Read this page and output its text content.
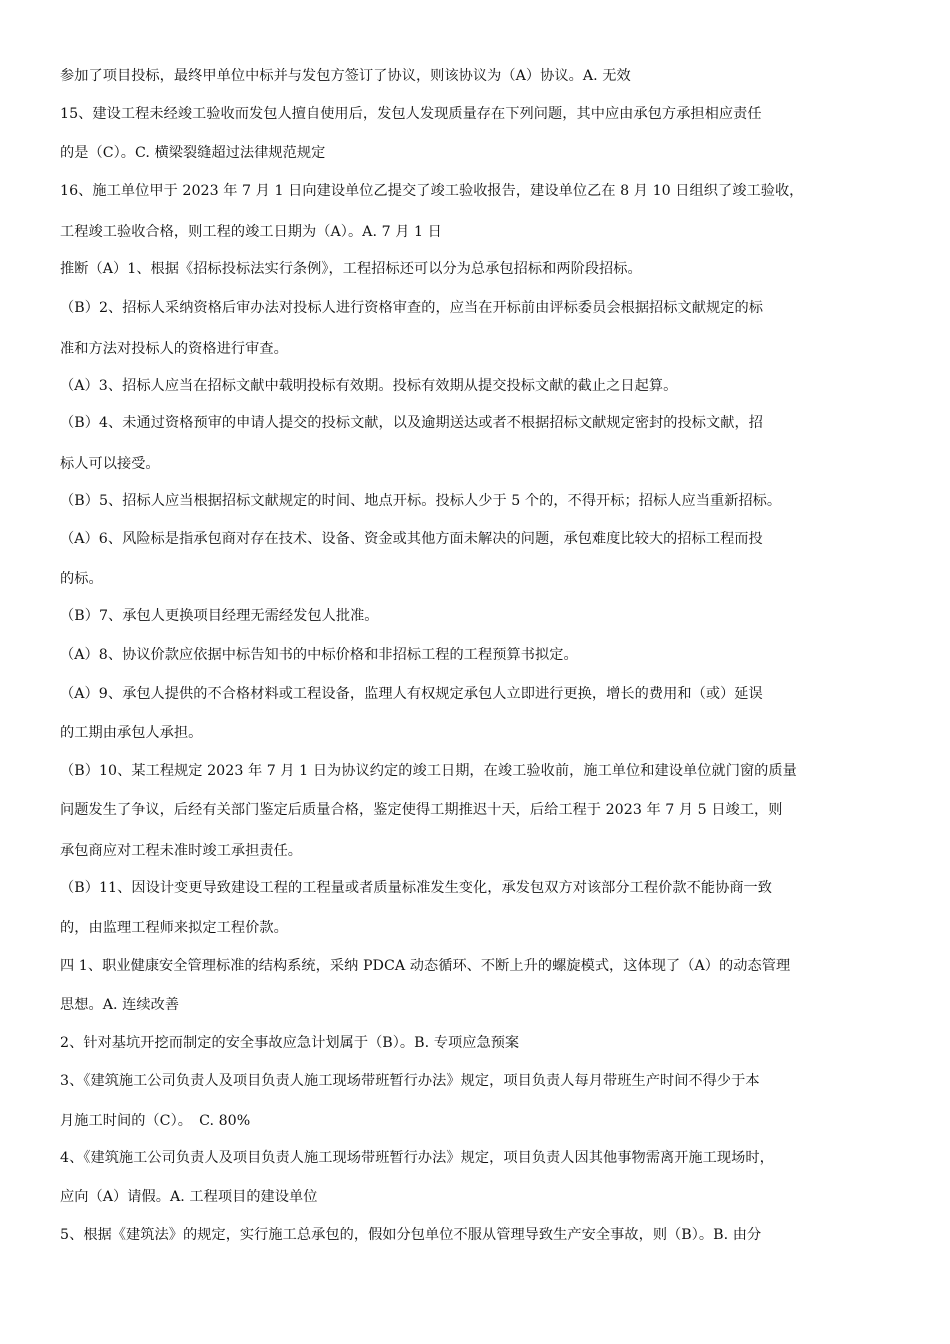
参加了项目投标，最终甲单位中标并与发包方签订了协议，则该协议为（A）协议。A. 无效
15、建设工程未经竣工验收而发包人擅自使用后，发包人发现质量存在下列问题，其中应由承包方承担相应责任
的是（C）。C. 横梁裂缝超过法律规范规定
16、施工单位甲于 2023 年 7 月 1 日向建设单位乙提交了竣工验收报告，建设单位乙在 8 月 10 日组织了竣工验收，
工程竣工验收合格，则工程的竣工日期为（A）。A. 7 月 1 日
推断（A）1、根据《招标投标法实行条例》，工程招标还可以分为总承包招标和两阶段招标。
（B）2、招标人采纳资格后审办法对投标人进行资格审查的，应当在开标前由评标委员会根据招标文献规定的标
准和方法对投标人的资格进行审查。
（A）3、招标人应当在招标文献中载明投标有效期。投标有效期从提交投标文献的截止之日起算。
（B）4、未通过资格预审的申请人提交的投标文献，以及逾期送达或者不根据招标文献规定密封的投标文献，招
标人可以接受。
（B）5、招标人应当根据招标文献规定的时间、地点开标。投标人少于 5 个的，不得开标；招标人应当重新招标。
（A）6、风险标是指承包商对存在技术、设备、资金或其他方面未解决的问题，承包难度比较大的招标工程而投
的标。
（B）7、承包人更换项目经理无需经发包人批准。
（A）8、协议价款应依据中标告知书的中标价格和非招标工程的工程预算书拟定。
（A）9、承包人提供的不合格材料或工程设备，监理人有权规定承包人立即进行更换，增长的费用和（或）延误
的工期由承包人承担。
（B）10、某工程规定 2023 年 7 月 1 日为协议约定的竣工日期，在竣工验收前，施工单位和建设单位就门窗的质量
问题发生了争议，后经有关部门鉴定后质量合格，鉴定使得工期推迟十天，后给工程于 2023 年 7 月 5 日竣工，则
承包商应对工程未准时竣工承担责任。
（B）11、因设计变更导致建设工程的工程量或者质量标准发生变化，承发包双方对该部分工程价款不能协商一致
的，由监理工程师来拟定工程价款。
四 1、职业健康安全管理标准的结构系统，采纳 PDCA 动态循环、不断上升的螺旋模式，这体现了（A）的动态管理
思想。A. 连续改善
2、针对基坑开挖而制定的安全事故应急计划属于（B）。B. 专项应急预案
3、《建筑施工公司负责人及项目负责人施工现场带班暂行办法》规定，项目负责人每月带班生产时间不得少于本
月施工时间的（C）。　C. 80%
4、《建筑施工公司负责人及项目负责人施工现场带班暂行办法》规定，项目负责人因其他事物需离开施工现场时，
应向（A）请假。A. 工程项目的建设单位
5、根据《建筑法》的规定，实行施工总承包的，假如分包单位不服从管理导致生产安全事故，则（B）。B. 由分
